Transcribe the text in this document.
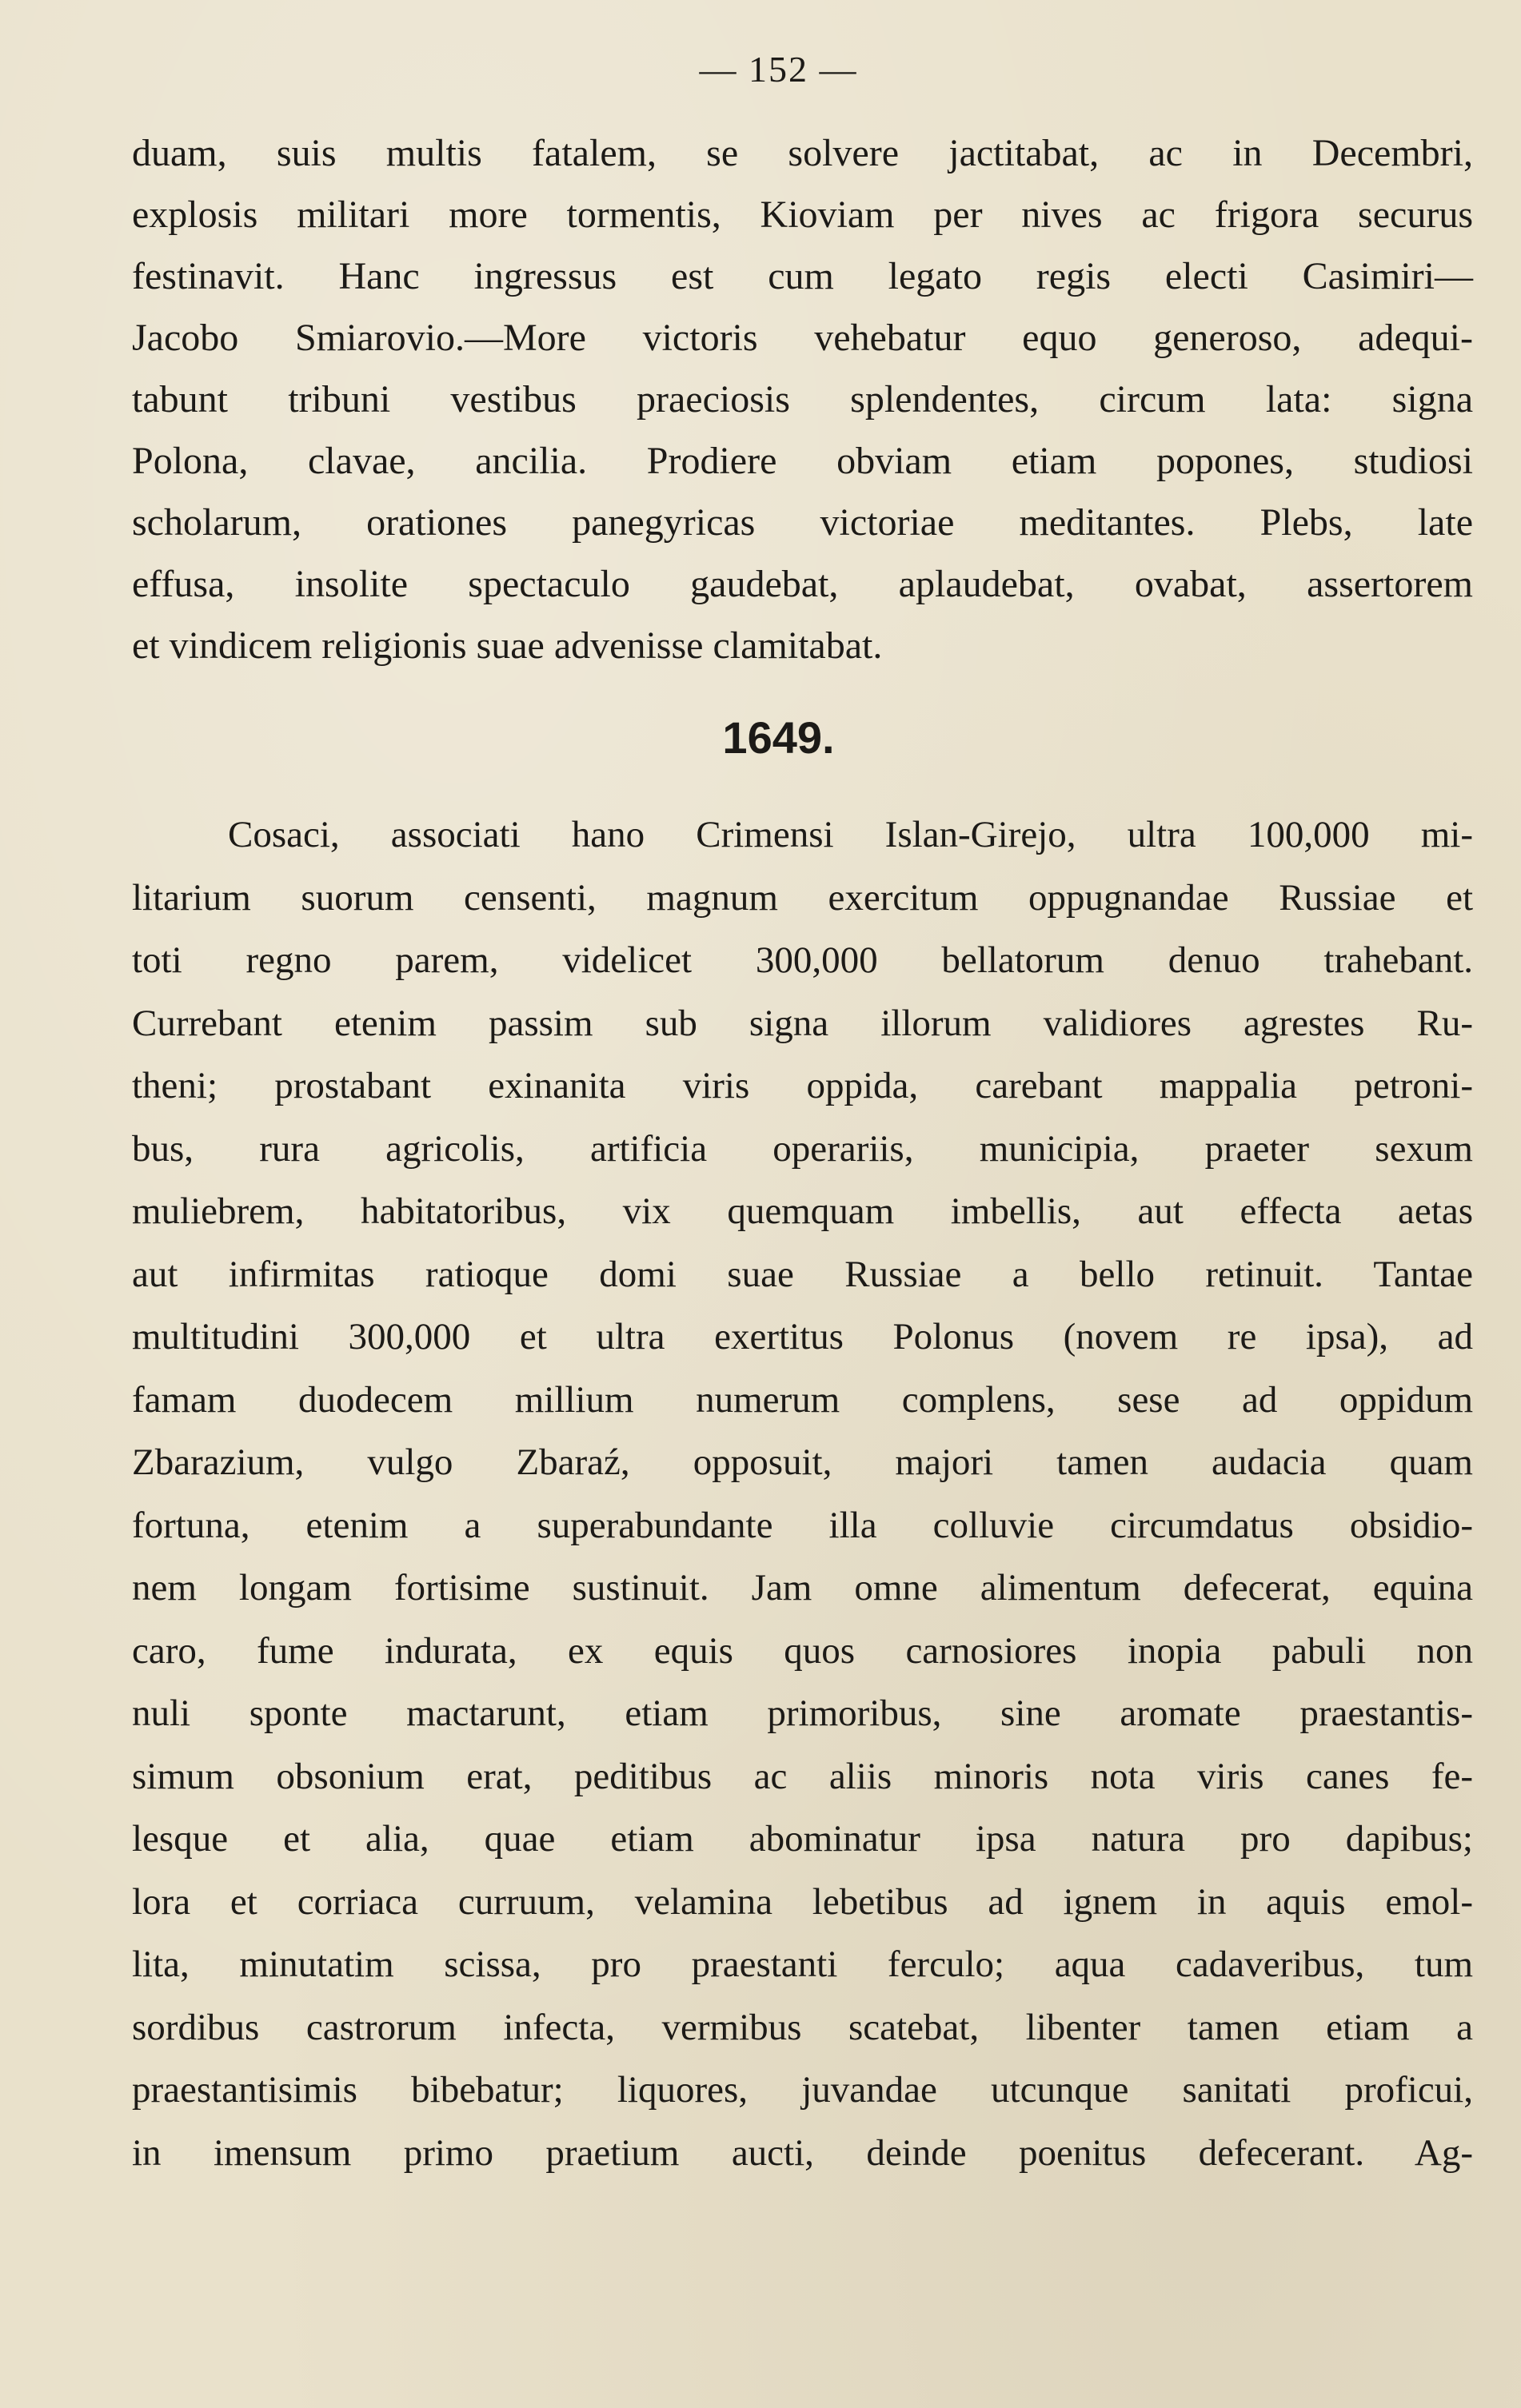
— 152 —

duam, suis multis fatalem, se solvere jactitabat, ac in Decembri,

explosis militari more tormentis, Kioviam per nives ac frigora securus

festinavit. Hanc ingressus est cum legato regis electi Casimiri—

Jacobo Smiarovio.—More victoris vehebatur equo generoso, adequi-

tabunt tribuni vestibus praeciosis splendentes, circum lata: signa

Polona, clavae, ancilia. Prodiere obviam etiam popones, studiosi

scholarum, orationes panegyricas victoriae meditantes. Plebs, late

effusa, insolite spectaculo gaudebat, aplaudebat, ovabat, assertorem

et vindicem religionis suae advenisse clamitabat.

1649.

Cosaci, associati hano Crimensi Islan-Girejo, ultra 100,000 mi-

litarium suorum censenti, magnum exercitum oppugnandae Russiae et

toti regno parem, videlicet 300,000 bellatorum denuo trahebant.

Currebant etenim passim sub signa illorum validiores agrestes Ru-

theni; prostabant exinanita viris oppida, carebant mappalia petroni-

bus, rura agricolis, artificia operariis, municipia, praeter sexum

muliebrem, habitatoribus, vix quemquam imbellis, aut effecta aetas

aut infirmitas ratioque domi suae Russiae a bello retinuit. Tantae

multitudini 300,000 et ultra exertitus Polonus (novem re ipsa), ad

famam duodecem millium numerum complens, sese ad oppidum

Zbarazium, vulgo Zbaraź, opposuit, majori tamen audacia quam

fortuna, etenim a superabundante illa colluvie circumdatus obsidio-

nem longam fortisime sustinuit. Jam omne alimentum defecerat, equina

caro, fume indurata, ex equis quos carnosiores inopia pabuli non

nuli sponte mactarunt, etiam primoribus, sine aromate praestantis-

simum obsonium erat, peditibus ac aliis minoris nota viris canes fe-

lesque et alia, quae etiam abominatur ipsa natura pro dapibus;

lora et corriaca curruum, velamina lebetibus ad ignem in aquis emol-

lita, minutatim scissa, pro praestanti ferculo; aqua cadaveribus, tum

sordibus castrorum infecta, vermibus scatebat, libenter tamen etiam a

praestantisimis bibebatur; liquores, juvandae utcunque sanitati proficui,

in imensum primo praetium aucti, deinde poenitus defecerant. Ag-
